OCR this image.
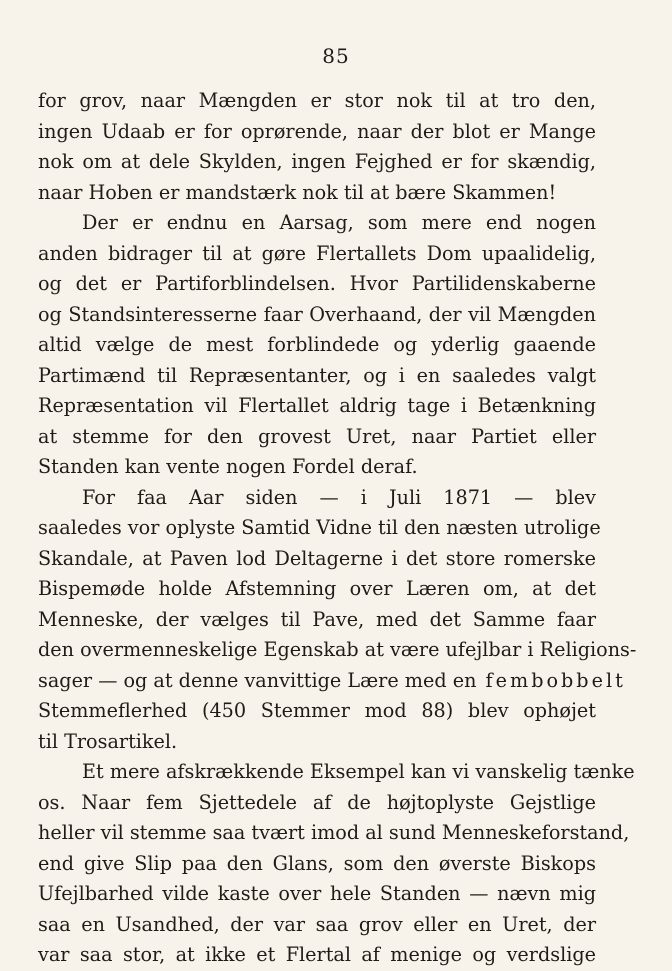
85
for grov, naar Mængden er stor nok til at tro den,
ingen Udaab er for oprørende, naar der blot er Mange
nok om at dele Skylden, ingen Fejghed er for skændig,
naar Hoben er mandstærk nok til at bære Skammen!
Der er endnu en Aarsag, som mere end nogen
anden bidrager til at gøre Flertallets Dom upaalidelig,
og det er Partiforblindelsen. Hvor Partilidenskaberne
og Standsinteresserne faar Overhaand, der vil Mængden
altid vælge de mest forblindede og yderlig gaaende
Partimænd til Repræsentanter, og i en saaledes valgt
Repræsentation vil Flertallet aldrig tage i Betænkning
at stemme for den grovest Uret, naar Partiet eller
Standen kan vente nogen Fordel deraf.
For faa Aar siden — i Juli 1871 — blev
saaledes vor oplyste Samtid Vidne til den næsten utrolige
Skandale, at Paven lod Deltagerne i det store romerske
Bispemøde holde Afstemning over Læren om, at det
Menneske, der vælges til Pave, med det Samme faar
den overmenneskelige Egenskab at være ufejlbar i Religions-
sager — og at denne vanvittige Lære med en fembobbelt
Stemmeflerhed (450 Stemmer mod 88) blev ophøjet
til Trosartikel.
Et mere afskrækkende Eksempel kan vi vanskelig tænke
os. Naar fem Sjettedele af de højtoplyste Gejstlige
heller vil stemme saa tvært imod al sund Menneskeforstand,
end give Slip paa den Glans, som den øverste Biskops
Ufejlbarhed vilde kaste over hele Standen — nævn mig
saa en Usandhed, der var saa grov eller en Uret, der
var saa stor, at ikke et Flertal af menige og verdslige
